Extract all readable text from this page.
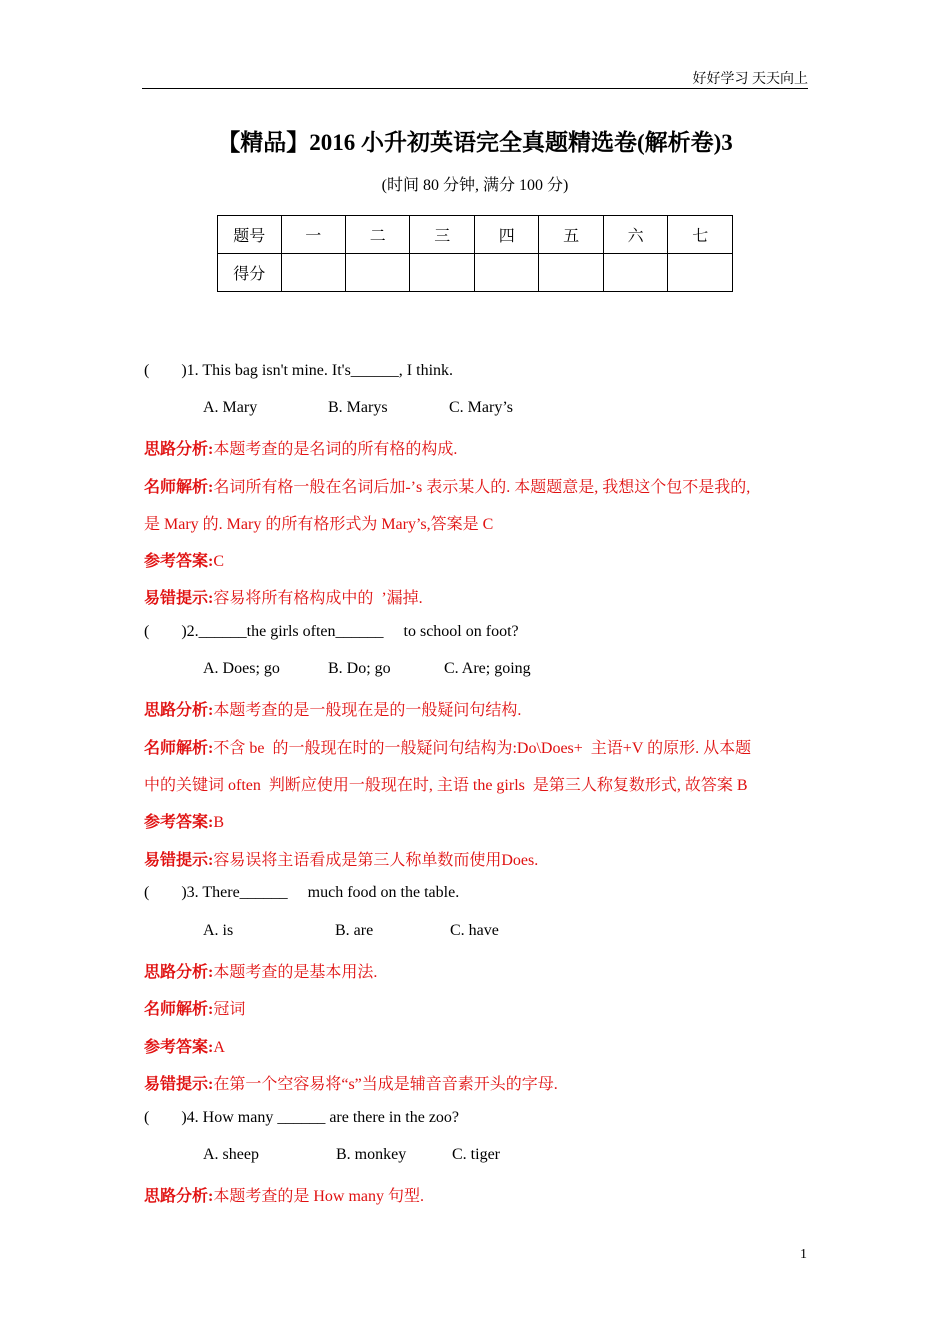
好好学习 天天向上
【精品】2016 小升初英语完全真题精选卷(解析卷)3
(时间 80 分钟, 满分 100 分)
题号	一	二	三	四	五	六	七
得分							
(        )1. This bag isn't mine. It's______, I think.
A. Mary	B. Marys	C. Mary’s
思路分析:本题考查的是名词的所有格的构成.
名师解析:名词所有格一般在名词后加-’s 表示某人的. 本题题意是, 我想这个包不是我的,
是 Mary 的. Mary 的所有格形式为 Mary’s,答案是 C
参考答案:C
易错提示:容易将所有格构成中的  ’漏掉.
(        )2.______the girls often______     to school on foot?
A. Does; go	B. Do; go	C. Are; going
思路分析:本题考查的是一般现在是的一般疑问句结构.
名师解析:不含 be  的一般现在时的一般疑问句结构为:Do\Does+  主语+V 的原形. 从本题
中的关键词 often  判断应使用一般现在时, 主语 the girls  是第三人称复数形式, 故答案 B
参考答案:B
易错提示:容易误将主语看成是第三人称单数而使用Does.
(        )3. There______     much food on the table.
A. is	B. are	C. have
思路分析:本题考查的是基本用法.
名师解析:冠词
参考答案:A
易错提示:在第一个空容易将“s”当成是辅音音素开头的字母.
(        )4. How many ______ are there in the zoo?
A. sheep	B. monkey	C. tiger
思路分析:本题考查的是 How many 句型.
1
